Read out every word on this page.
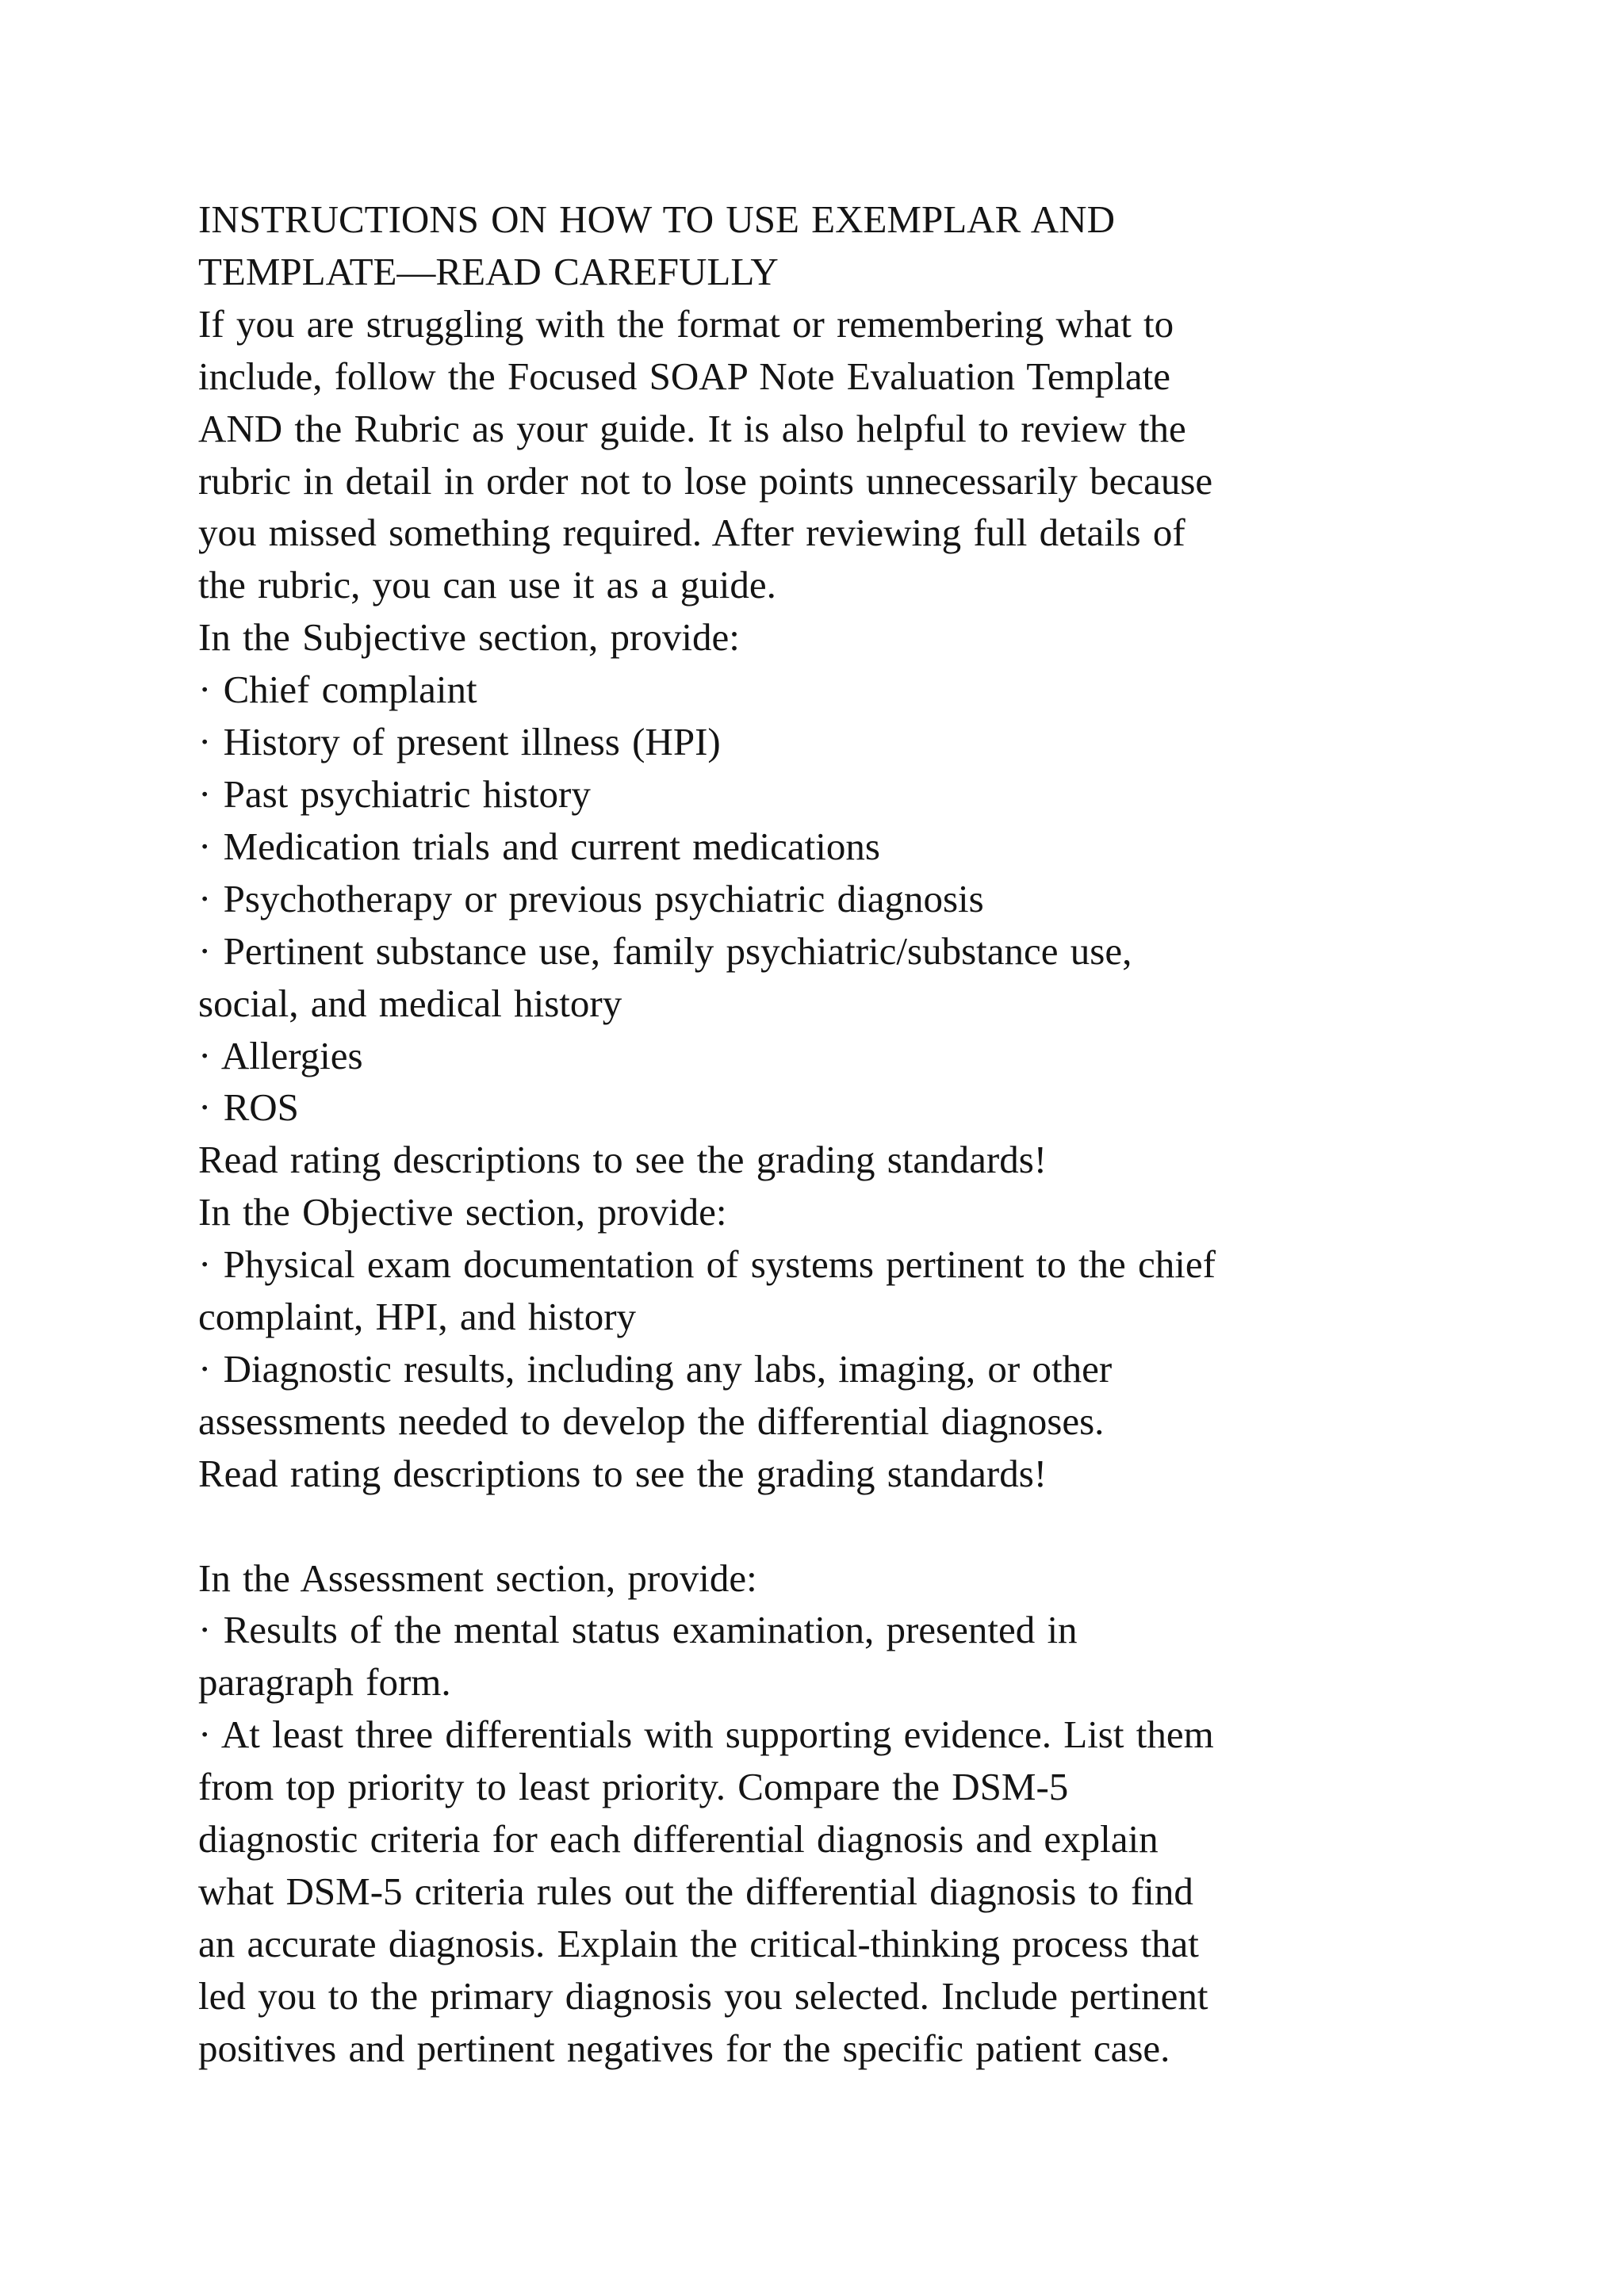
INSTRUCTIONS ON HOW TO USE EXEMPLAR AND
TEMPLATE—READ CAREFULLY
If you are struggling with the format or remembering what to
include, follow the Focused SOAP Note Evaluation Template
AND the Rubric as your guide. It is also helpful to review the
rubric in detail in order not to lose points unnecessarily because
you missed something required. After reviewing full details of
the rubric, you can use it as a guide.
In the Subjective section, provide:
· Chief complaint
· History of present illness (HPI)
· Past psychiatric history
· Medication trials and current medications
· Psychotherapy or previous psychiatric diagnosis
· Pertinent substance use, family psychiatric/substance use,
social, and medical history
· Allergies
· ROS
Read rating descriptions to see the grading standards!
In the Objective section, provide:
· Physical exam documentation of systems pertinent to the chief
complaint, HPI, and history
· Diagnostic results, including any labs, imaging, or other
assessments needed to develop the differential diagnoses.
Read rating descriptions to see the grading standards!
In the Assessment section, provide:
· Results of the mental status examination, presented in
paragraph form.
· At least three differentials with supporting evidence. List them
from top priority to least priority. Compare the DSM-5
diagnostic criteria for each differential diagnosis and explain
what DSM-5 criteria rules out the differential diagnosis to find
an accurate diagnosis. Explain the critical-thinking process that
led you to the primary diagnosis you selected. Include pertinent
positives and pertinent negatives for the specific patient case.
